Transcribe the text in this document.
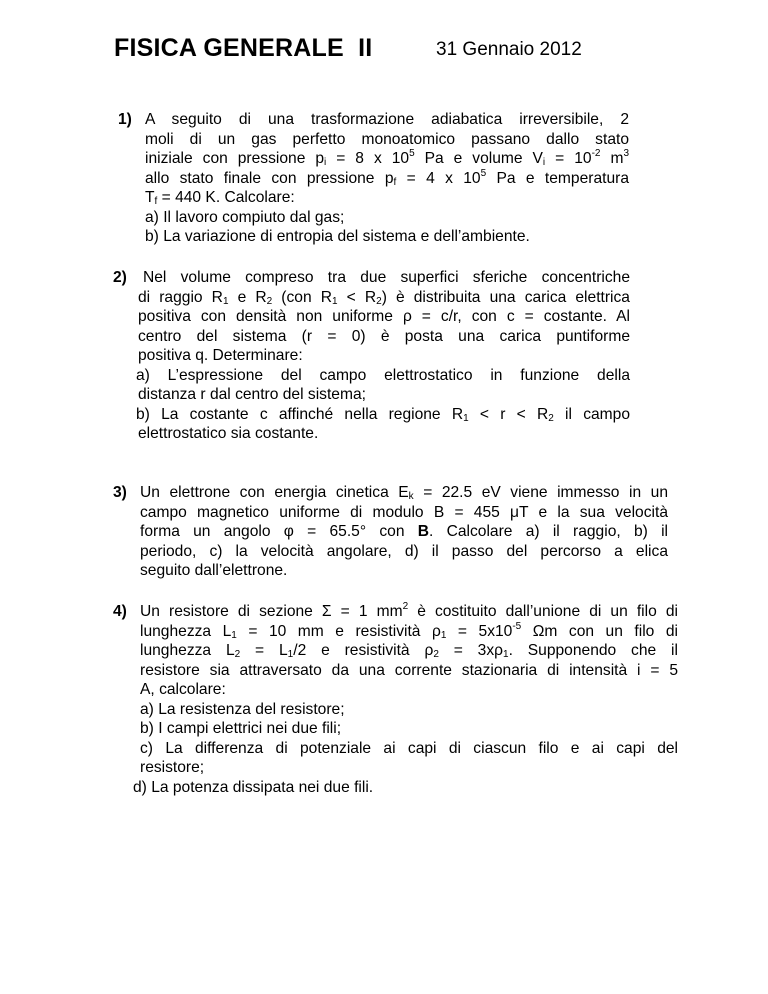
FISICA GENERALE  II	31 Gennaio 2012
1) A seguito di una trasformazione adiabatica irreversibile, 2

moli di un gas perfetto monoatomico passano dallo stato

iniziale con pressione $p_i = 8$ x $10^5$ Pa e volume $V_i = 10^{-2}$ $m^3$

allo stato finale con pressione $p_f = 4$ x $10^5$ Pa e temperatura

$T_f = 440$ K. Calcolare:

a) Il lavoro compiuto dal gas;

b) La variazione di entropia del sistema e dell’ambiente.

2)	Nel volume compreso tra due superfici sferiche concentriche

di raggio $R_1$ e $R_2$ (con $R_1 < R_2$) è distribuita una carica elettrica

positiva con densità non uniforme ρ = c/r, con c = costante. Al

centro del sistema (r = 0) è posta una carica puntiforme

positiva q. Determinare:

a) L’espressione del campo elettrostatico in funzione della

distanza r dal centro del sistema;

b) La costante c affinché nella regione $R_1 < r < R_2$ il campo

elettrostatico sia costante.

3) Un elettrone con energia cinetica $E_k = 22.5$ eV viene immesso in un

campo magnetico uniforme di modulo B = 455 μT e la sua velocità

forma un angolo φ = 65.5° con B. Calcolare a) il raggio, b) il

periodo, c) la velocità angolare, d) il passo del percorso a elica

seguito dall’elettrone.

4) Un resistore di sezione Σ = 1 $mm^2$ è costituito dall’unione di un filo di

lunghezza $L_1 = 10$ mm e resistività $\rho_1 = 5x10^{-5}$ Ωm con un filo di

lunghezza $L_2 = L_1/2$ e resistività $\rho_2 = 3x\rho_1$. Supponendo che il

resistore sia attraversato da una corrente stazionaria di intensità i = 5

A, calcolare:

a) La resistenza del resistore;

b) I campi elettrici nei due fili;

c) La differenza di potenziale ai capi di ciascun filo e ai capi del

resistore;

d) La potenza dissipata nei due fili.
